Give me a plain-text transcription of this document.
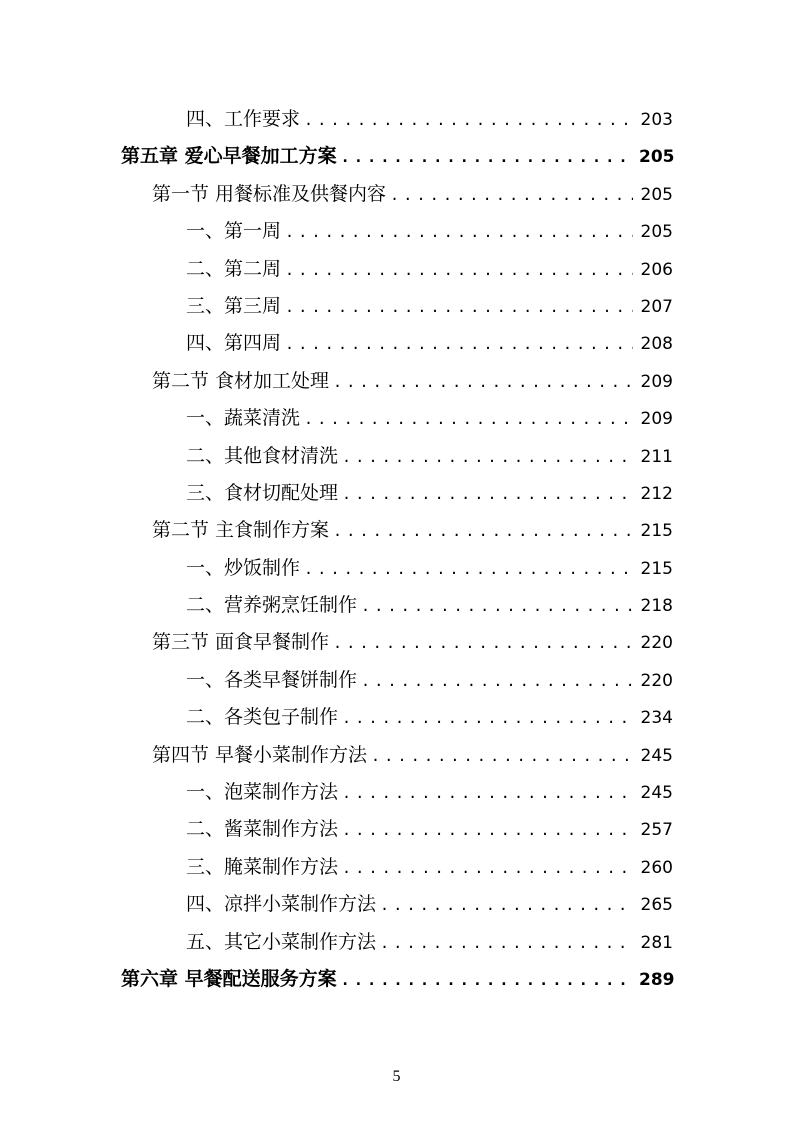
四、工作要求 .....	203
第五章 爱心早餐加工方案 .....	205
第一节 用餐标准及供餐内容 .....	205
一、第一周 .....	205
二、第二周 .....	206
三、第三周 .....	207
四、第四周 .....	208
第二节 食材加工处理 .....	209
一、蔬菜清洗 .....	209
二、其他食材清洗 .....	211
三、食材切配处理 .....	212
第二节 主食制作方案 .....	215
一、炒饭制作 .....	215
二、营养粥烹饪制作 .....	218
第三节 面食早餐制作 .....	220
一、各类早餐饼制作 .....	220
二、各类包子制作 .....	234
第四节 早餐小菜制作方法 .....	245
一、泡菜制作方法 .....	245
二、酱菜制作方法 .....	257
三、腌菜制作方法 .....	260
四、凉拌小菜制作方法 .....	265
五、其它小菜制作方法 .....	281
第六章 早餐配送服务方案 .....	289
5
